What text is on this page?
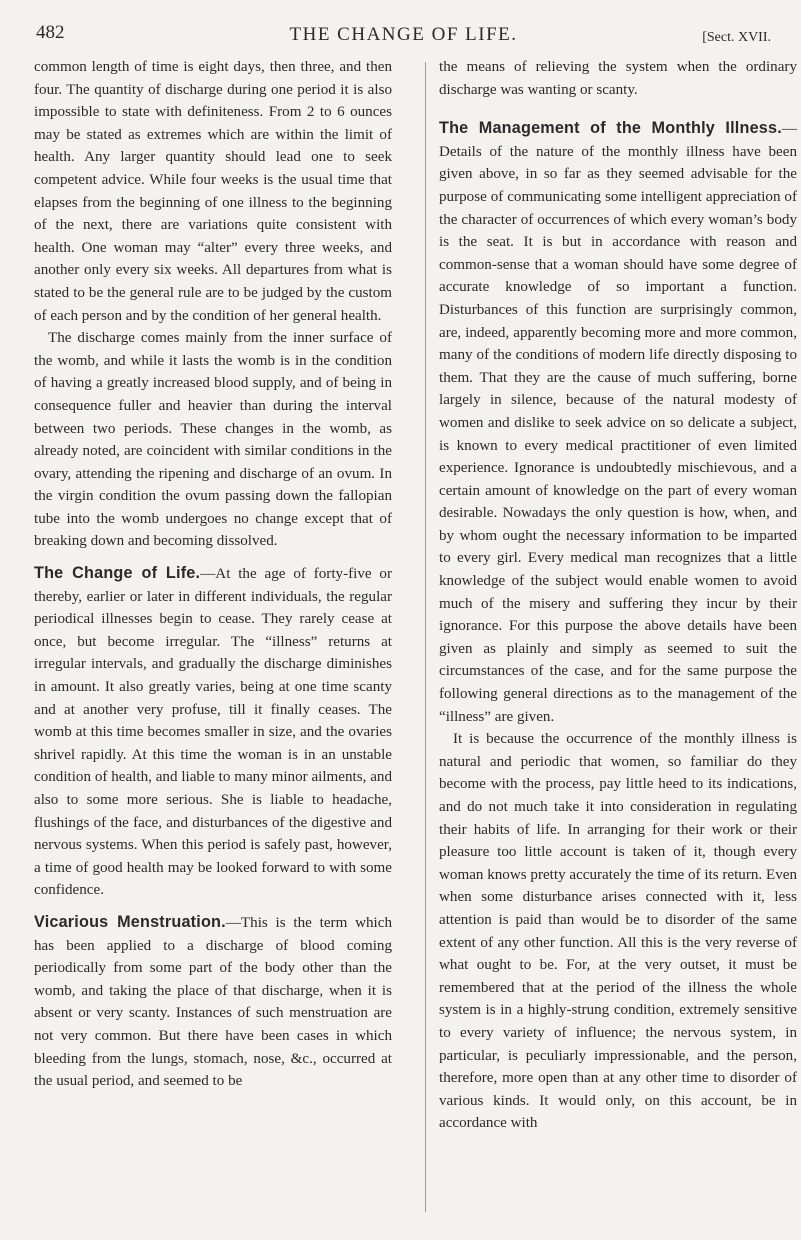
482	THE CHANGE OF LIFE.	[Sect. XVII.

common length of time is eight days, then three, and then four. The quantity of discharge during one period it is also impossible to state with definiteness. From 2 to 6 ounces may be stated as extremes which are within the limit of health. Any larger quantity should lead one to seek competent advice. While four weeks is the usual time that elapses from the beginning of one illness to the beginning of the next, there are variations quite consistent with health. One woman may “alter” every three weeks, and another only every six weeks. All departures from what is stated to be the general rule are to be judged by the custom of each person and by the condition of her general health.

The discharge comes mainly from the inner surface of the womb, and while it lasts the womb is in the condition of having a greatly increased blood supply, and of being in consequence fuller and heavier than during the interval between two periods. These changes in the womb, as already noted, are coincident with similar conditions in the ovary, attending the ripening and discharge of an ovum. In the virgin condition the ovum passing down the fallopian tube into the womb undergoes no change except that of breaking down and becoming dissolved.

The Change of Life.—At the age of forty-five or thereby, earlier or later in different individuals, the regular periodical illnesses begin to cease. They rarely cease at once, but become irregular. The “illness” returns at irregular intervals, and gradually the discharge diminishes in amount. It also greatly varies, being at one time scanty and at another very profuse, till it finally ceases. The womb at this time becomes smaller in size, and the ovaries shrivel rapidly. At this time the woman is in an unstable condition of health, and liable to many minor ailments, and also to some more serious. She is liable to headache, flushings of the face, and disturbances of the digestive and nervous systems. When this period is safely past, however, a time of good health may be looked forward to with some confidence.

Vicarious Menstruation.—This is the term which has been applied to a discharge of blood coming periodically from some part of the body other than the womb, and taking the place of that discharge, when it is absent or very scanty. Instances of such menstruation are not very common. But there have been cases in which bleeding from the lungs, stomach, nose, &c., occurred at the usual period, and seemed to be

the means of relieving the system when the ordinary discharge was wanting or scanty.

The Management of the Monthly Illness.—Details of the nature of the monthly illness have been given above, in so far as they seemed advisable for the purpose of communicating some intelligent appreciation of the character of occurrences of which every woman’s body is the seat. It is but in accordance with reason and common-sense that a woman should have some degree of accurate knowledge of so important a function. Disturbances of this function are surprisingly common, are, indeed, apparently becoming more and more common, many of the conditions of modern life directly disposing to them. That they are the cause of much suffering, borne largely in silence, because of the natural modesty of women and dislike to seek advice on so delicate a subject, is known to every medical practitioner of even limited experience. Ignorance is undoubtedly mischievous, and a certain amount of knowledge on the part of every woman desirable. Nowadays the only question is how, when, and by whom ought the necessary information to be imparted to every girl. Every medical man recognizes that a little knowledge of the subject would enable women to avoid much of the misery and suffering they incur by their ignorance. For this purpose the above details have been given as plainly and simply as seemed to suit the circumstances of the case, and for the same purpose the following general directions as to the management of the “illness” are given.

It is because the occurrence of the monthly illness is natural and periodic that women, so familiar do they become with the process, pay little heed to its indications, and do not much take it into consideration in regulating their habits of life. In arranging for their work or their pleasure too little account is taken of it, though every woman knows pretty accurately the time of its return. Even when some disturbance arises connected with it, less attention is paid than would be to disorder of the same extent of any other function. All this is the very reverse of what ought to be. For, at the very outset, it must be remembered that at the period of the illness the whole system is in a highly-strung condition, extremely sensitive to every variety of influence; the nervous system, in particular, is peculiarly impressionable, and the person, therefore, more open than at any other time to disorder of various kinds. It would only, on this account, be in accordance with
